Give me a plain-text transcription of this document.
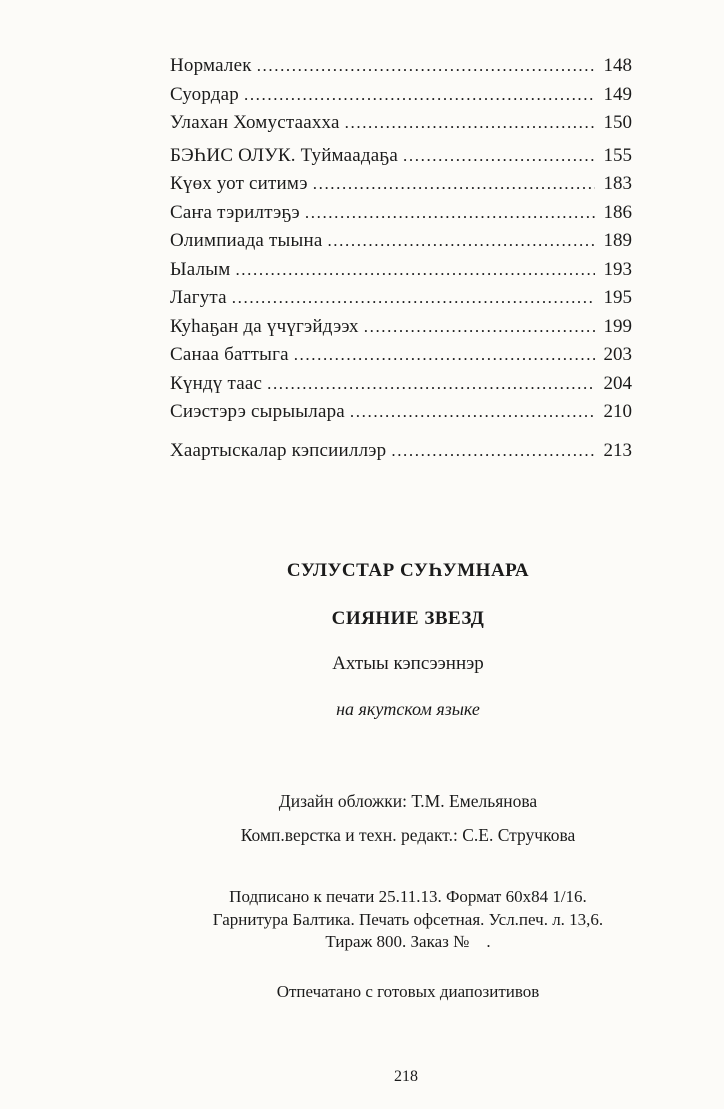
Нормалек .....	148
Суордар .....	149
Улахан Хомустаахха .....	150
БЭҺИС ОЛУК. Туймаадаҕа .....	155
Күөх уот ситимэ .....	183
Саҥа тэрилтэҕэ .....	186
Олимпиада тыына .....	189
Ыалым .....	193
Лагута .....	195
Куһаҕан да үчүгэйдээх .....	199
Санаа баттыга .....	203
Күндү таас .....	204
Сиэстэрэ сырыылара .....	210
Хаартыскалар кэпсииллэр .....	213
СУЛУСТАР СУҺУМНАРА
СИЯНИЕ ЗВЕЗД
Ахтыы кэпсээннэр
на якутском языке
Дизайн обложки: Т.М. Емельянова
Комп.верстка и техн. редакт.: С.Е. Стручкова
Подписано к печати 25.11.13. Формат 60х84 1/16.
Гарнитура Балтика. Печать офсетная. Усл.печ. л. 13,6.
Тираж 800. Заказ №    .
Отпечатано с готовых диапозитивов
218
